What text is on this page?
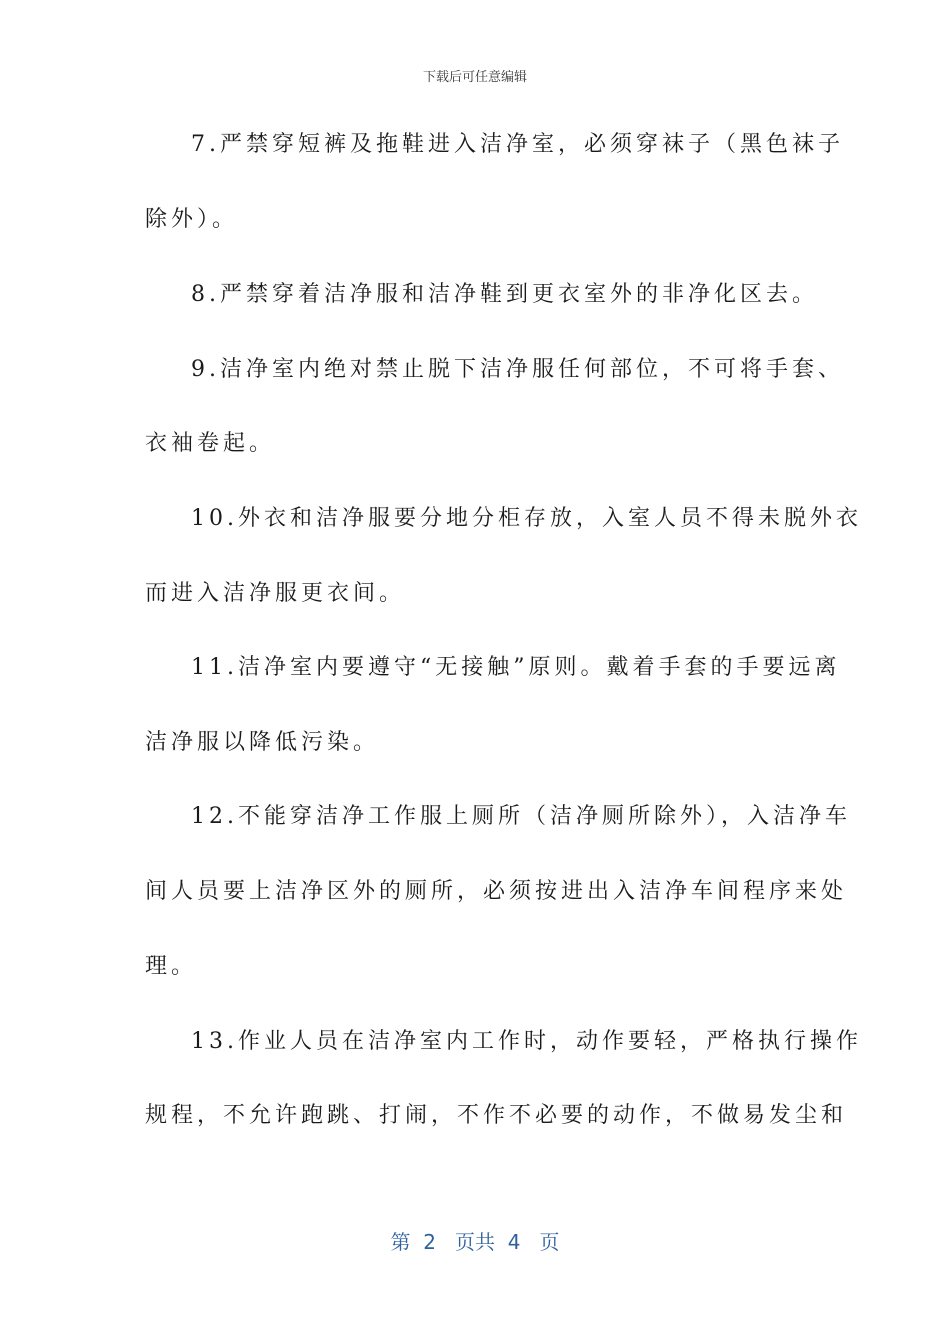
下载后可任意编辑
7.严禁穿短裤及拖鞋进入洁净室，必须穿袜子（黑色袜子
除外）。
8.严禁穿着洁净服和洁净鞋到更衣室外的非净化区去。
9.洁净室内绝对禁止脱下洁净服任何部位，不可将手套、
衣袖卷起。
10.外衣和洁净服要分地分柜存放，入室人员不得未脱外衣
而进入洁净服更衣间。
11.洁净室内要遵守“无接触”原则。戴着手套的手要远离
洁净服以降低污染。
12.不能穿洁净工作服上厕所（洁净厕所除外），入洁净车
间人员要上洁净区外的厕所，必须按进出入洁净车间程序来处
理。
13.作业人员在洁净室内工作时，动作要轻，严格执行操作
规程，不允许跑跳、打闹，不作不必要的动作，不做易发尘和
第 2 页共 4 页
